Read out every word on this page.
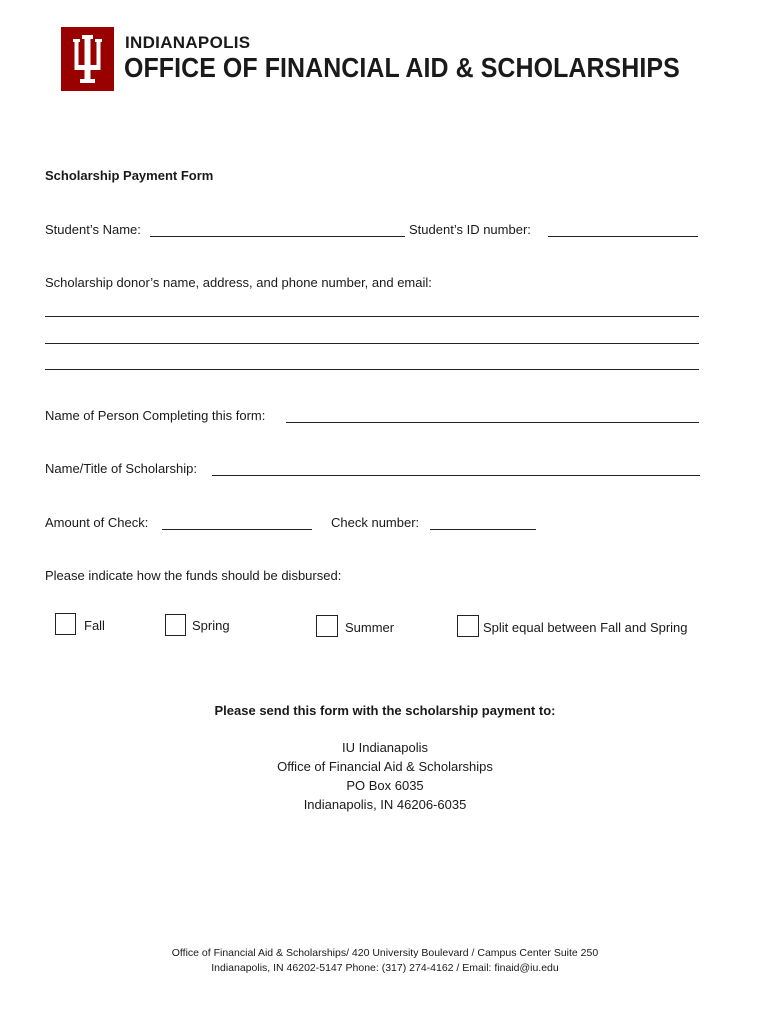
INDIANAPOLIS
OFFICE OF FINANCIAL AID & SCHOLARSHIPS
Scholarship Payment Form
Student’s Name:	Student’s ID number:
Scholarship donor’s name, address, and phone number, and email:
Name of Person Completing this form:
Name/Title of Scholarship:
Amount of Check:	Check number:
Please indicate how the funds should be disbursed:
Fall	Spring	Summer	Split equal between Fall and Spring
Please send this form with the scholarship payment to:
IU Indianapolis
Office of Financial Aid & Scholarships
PO Box 6035
Indianapolis, IN 46206-6035
Office of Financial Aid & Scholarships/ 420 University Boulevard / Campus Center Suite 250
Indianapolis, IN 46202-5147 Phone: (317) 274-4162 / Email: finaid@iu.edu
